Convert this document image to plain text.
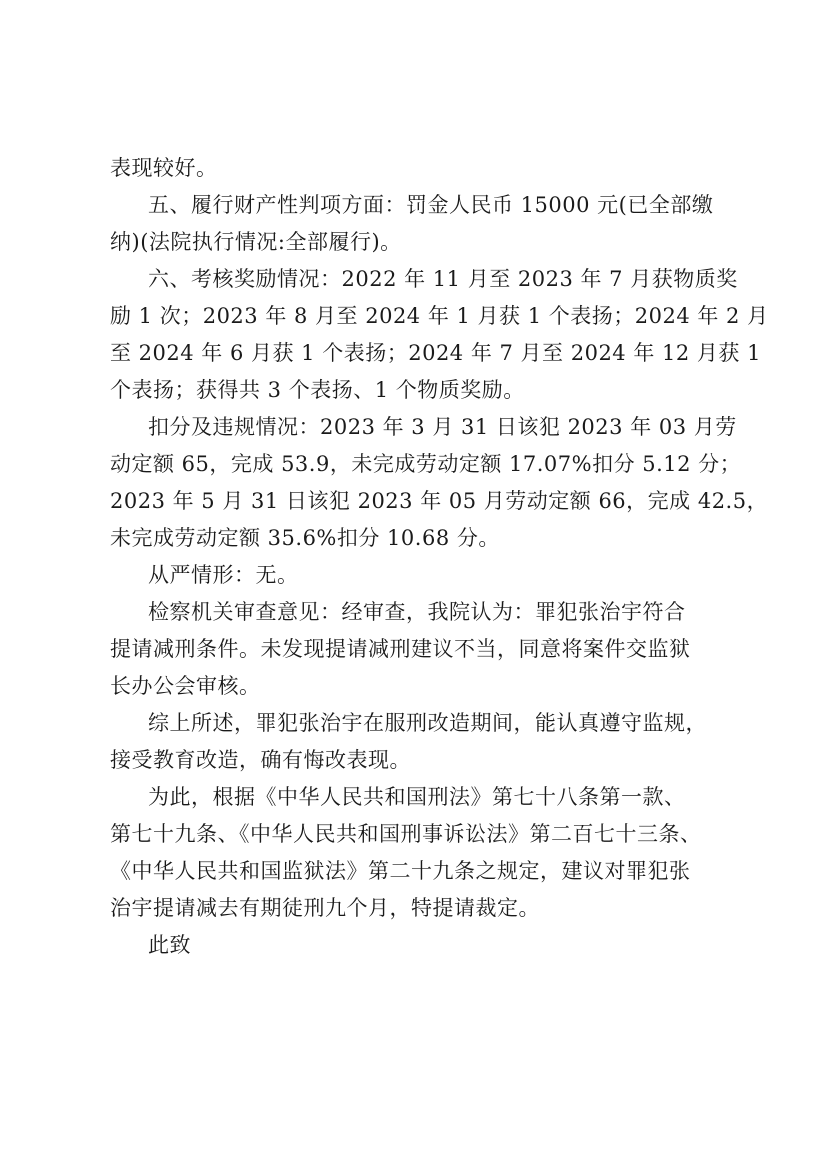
表现较好。

五、履行财产性判项方面：罚金人民币 15000 元(已全部缴
纳)(法院执行情况:全部履行)。

六、考核奖励情况：2022 年 11 月至 2023 年 7 月获物质奖
励 1 次；2023 年 8 月至 2024 年 1 月获 1 个表扬；2024 年 2 月
至 2024 年 6 月获 1 个表扬；2024 年 7 月至 2024 年 12 月获 1
个表扬；获得共 3 个表扬、1 个物质奖励。

扣分及违规情况：2023 年 3 月 31 日该犯 2023 年 03 月劳
动定额 65，完成 53.9，未完成劳动定额 17.07%扣分 5.12 分；
2023 年 5 月 31 日该犯 2023 年 05 月劳动定额 66，完成 42.5，
未完成劳动定额 35.6%扣分 10.68 分。

从严情形：无。

检察机关审查意见：经审查，我院认为：罪犯张治宇符合
提请减刑条件。未发现提请减刑建议不当，同意将案件交监狱
长办公会审核。

综上所述，罪犯张治宇在服刑改造期间，能认真遵守监规，
接受教育改造，确有悔改表现。

为此，根据《中华人民共和国刑法》第七十八条第一款、
第七十九条、《中华人民共和国刑事诉讼法》第二百七十三条、
《中华人民共和国监狱法》第二十九条之规定，建议对罪犯张
治宇提请减去有期徒刑九个月，特提请裁定。

此致
